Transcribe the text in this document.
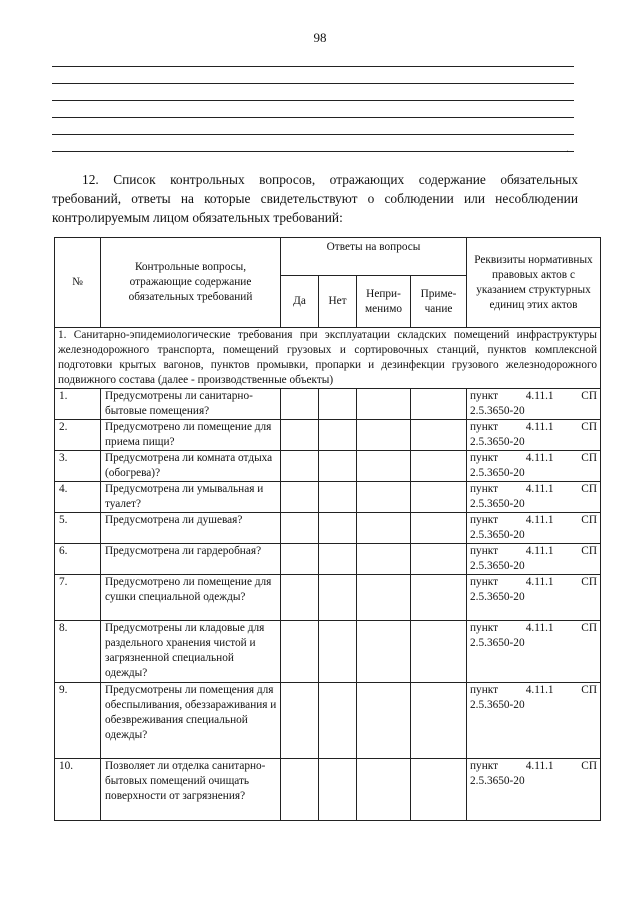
98
.
12. Список контрольных вопросов, отражающих содержание обязательных требований, ответы на которые свидетельствуют о соблюдении или несоблюдении контролируемым лицом обязательных требований:
№	Контрольные вопросы, отражающие содержание обязательных требований	Ответы на вопросы				Реквизиты нормативных правовых актов с указанием структурных единиц этих актов
		Да	Нет	Непри-менимо	Приме-чание	
1. Санитарно-эпидемиологические требования при эксплуатации складских помещений инфраструктуры железнодорожного транспорта, помещений грузовых и сортировочных станций, пунктов комплексной подготовки крытых вагонов, пунктов промывки, пропарки и дезинфекции грузового железнодорожного подвижного состава (далее - производственные объекты)						
1.	Предусмотрены ли санитарно-бытовые помещения?					пункт 4.11.1 СП
2.5.3650-20

2.	Предусмотрено ли помещение для приема пищи?					пункт 4.11.1 СП
2.5.3650-20

3.	Предусмотрена ли комната отдыха (обогрева)?					пункт 4.11.1 СП
2.5.3650-20

4.	Предусмотрена ли умывальная и туалет?					пункт 4.11.1 СП
2.5.3650-20

5.	Предусмотрена ли душевая?					пункт 4.11.1 СП
2.5.3650-20

6.	Предусмотрена ли гардеробная?					пункт 4.11.1 СП
2.5.3650-20

7.	Предусмотрено ли помещение для сушки специальной одежды?					пункт 4.11.1 СП
2.5.3650-20

8.	Предусмотрены ли кладовые для раздельного хранения чистой и загрязненной специальной одежды?					пункт 4.11.1 СП
2.5.3650-20

9.	Предусмотрены ли помещения для обеспыливания, обеззараживания и обезвреживания специальной одежды?					пункт 4.11.1 СП
2.5.3650-20

10.	Позволяет ли отделка санитарно-бытовых помещений очищать поверхности от загрязнения?					пункт 4.11.1 СП
2.5.3650-20
